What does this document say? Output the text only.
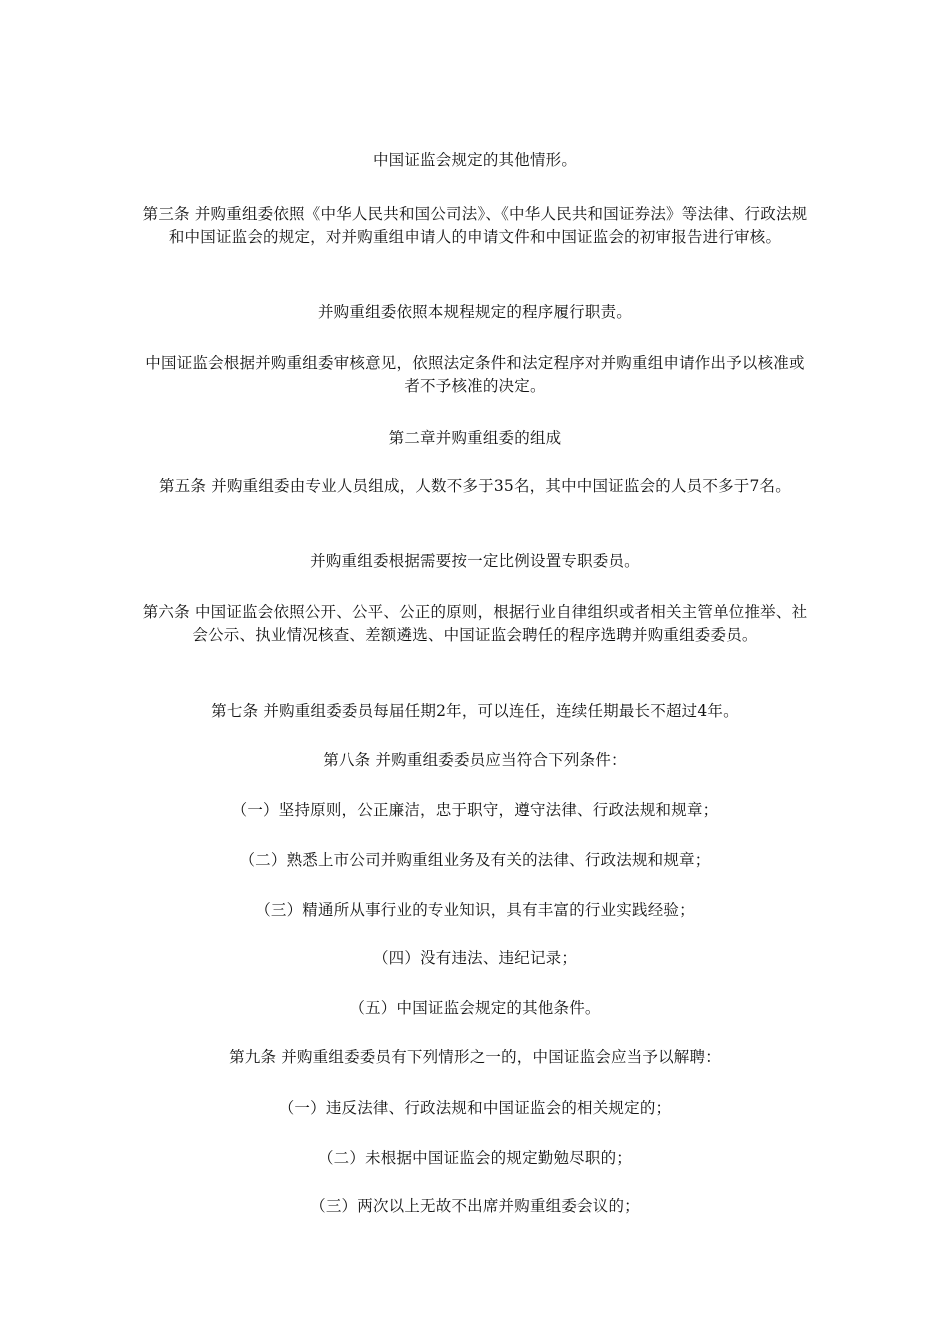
中国证监会规定的其他情形。

第三条 并购重组委依照《中华人民共和国公司法》、《中华人民共和国证券法》等法律、行政法规和中国证监会的规定，对并购重组申请人的申请文件和中国证监会的初审报告进行审核。

并购重组委依照本规程规定的程序履行职责。

中国证监会根据并购重组委审核意见，依照法定条件和法定程序对并购重组申请作出予以核准或者不予核准的决定。

第二章并购重组委的组成

第五条 并购重组委由专业人员组成，人数不多于35名，其中中国证监会的人员不多于7名。

并购重组委根据需要按一定比例设置专职委员。

第六条 中国证监会依照公开、公平、公正的原则，根据行业自律组织或者相关主管单位推举、社会公示、执业情况核查、差额遴选、中国证监会聘任的程序选聘并购重组委委员。

第七条 并购重组委委员每届任期2年，可以连任，连续任期最长不超过4年。

第八条 并购重组委委员应当符合下列条件：

（一）坚持原则，公正廉洁，忠于职守，遵守法律、行政法规和规章；

（二）熟悉上市公司并购重组业务及有关的法律、行政法规和规章；

（三）精通所从事行业的专业知识，具有丰富的行业实践经验；

（四）没有违法、违纪记录；

（五）中国证监会规定的其他条件。

第九条 并购重组委委员有下列情形之一的，中国证监会应当予以解聘：

（一）违反法律、行政法规和中国证监会的相关规定的；

（二）未根据中国证监会的规定勤勉尽职的；

（三）两次以上无故不出席并购重组委会议的；
